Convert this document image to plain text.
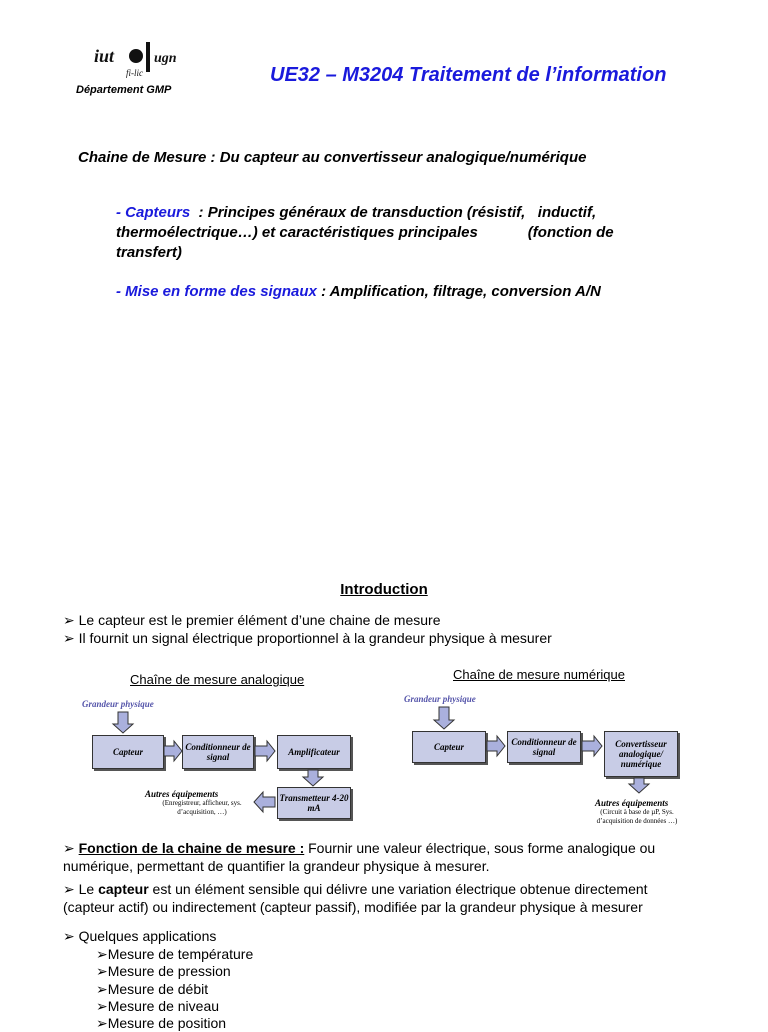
iut	ugn
fi-lic
Département GMP
UE32 – M3204 Traitement de l’information
Chaine de Mesure : Du capteur au convertisseur analogique/numérique
- Capteurs  : Principes généraux de transduction (résistif,   inductif,
thermoélectrique…) et caractéristiques principales            (fonction de
transfert)
- Mise en forme des signaux : Amplification, filtrage, conversion A/N
Introduction
➢ Le capteur est le premier élément d’une chaine de mesure
➢ Il fournit un signal électrique proportionnel à la grandeur physique à mesurer
Chaîne de mesure analogique
Grandeur physique
Capteur	Conditionneur de signal	Amplificateur
Transmetteur 4-20 mA
Autres équipements
(Enregistreur, afficheur, sys. d’acquisition, …)
Chaîne de mesure numérique
Grandeur physique
Capteur	Conditionneur de signal
Convertisseur analogique/ numérique
Autres équipements
(Circuit à base de µP, Sys. d’acquisition de données …)
➢ Fonction de la chaine de mesure : Fournir une valeur électrique, sous forme analogique ou
numérique, permettant de quantifier la grandeur physique à mesurer.
➢ Le capteur est un élément sensible qui délivre une variation électrique obtenue directement
(capteur actif) ou indirectement (capteur passif), modifiée par la grandeur physique à mesurer
➢ Quelques applications
➢Mesure de température
➢Mesure de pression
➢Mesure de débit
➢Mesure de niveau
➢Mesure de position
